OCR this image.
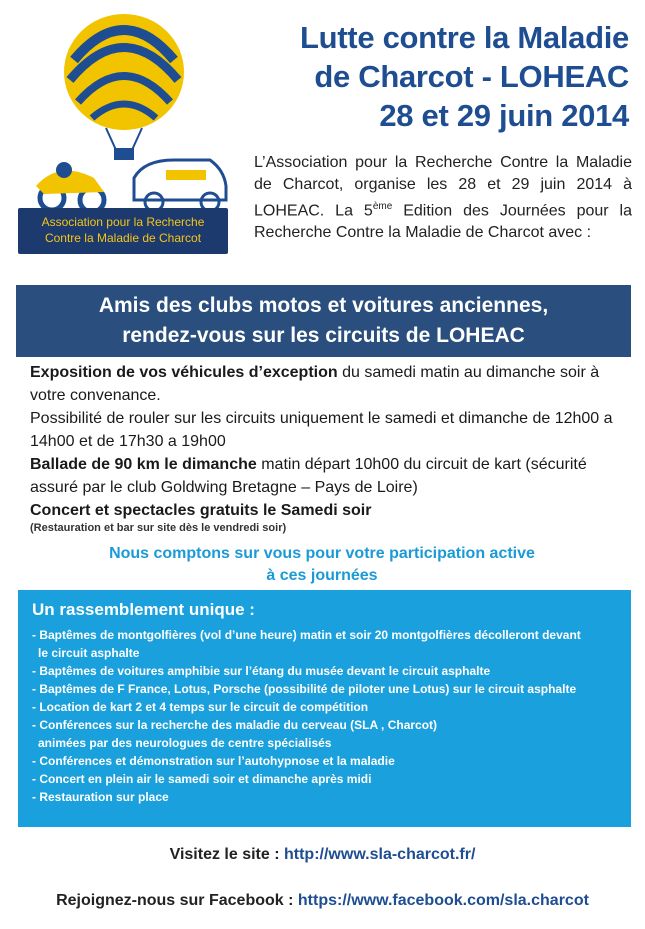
Association pour la Recherche
Contre la Maladie de Charcot
Lutte contre la Maladie
de Charcot - LOHEAC
28 et 29 juin 2014
L’Association pour la Recherche Contre la Maladie de Charcot, organise les 28 et 29 juin 2014 à LOHEAC. La 5ème Edition des Journées pour la Recherche Contre la Maladie de Charcot avec :
Amis des clubs motos et voitures anciennes,
rendez-vous sur les circuits de LOHEAC

Exposition de vos véhicules d’exception du samedi matin au dimanche soir à votre convenance.

Possibilité de rouler sur les circuits uniquement le samedi et dimanche de 12h00 a 14h00 et de 17h30 a 19h00

Ballade de 90 km le dimanche matin départ 10h00 du circuit de kart (sécurité assuré par le club Goldwing Bretagne – Pays de Loire)

Concert et spectacles gratuits le Samedi soir

(Restauration et bar sur site dès le vendredi soir)

Nous comptons sur vous pour votre participation active
à ces journées
Un rassemblement unique :
- Baptêmes de montgolfières (vol d’une heure) matin et soir 20 montgolfières décolleront devant
le circuit asphalte
- Baptêmes de voitures amphibie sur l’étang du musée devant le circuit asphalte
- Baptêmes de F France, Lotus, Porsche (possibilité de piloter une Lotus) sur le circuit asphalte
- Location de kart 2 et 4 temps sur le circuit de compétition
- Conférences sur la recherche des maladie du cerveau (SLA , Charcot)
animées par des neurologues de centre spécialisés
- Conférences et démonstration sur l’autohypnose et la maladie
- Concert en plein air le samedi soir et dimanche après midi
- Restauration sur place
Visitez le site : http://www.sla-charcot.fr/
Rejoignez-nous sur Facebook : https://www.facebook.com/sla.charcot
